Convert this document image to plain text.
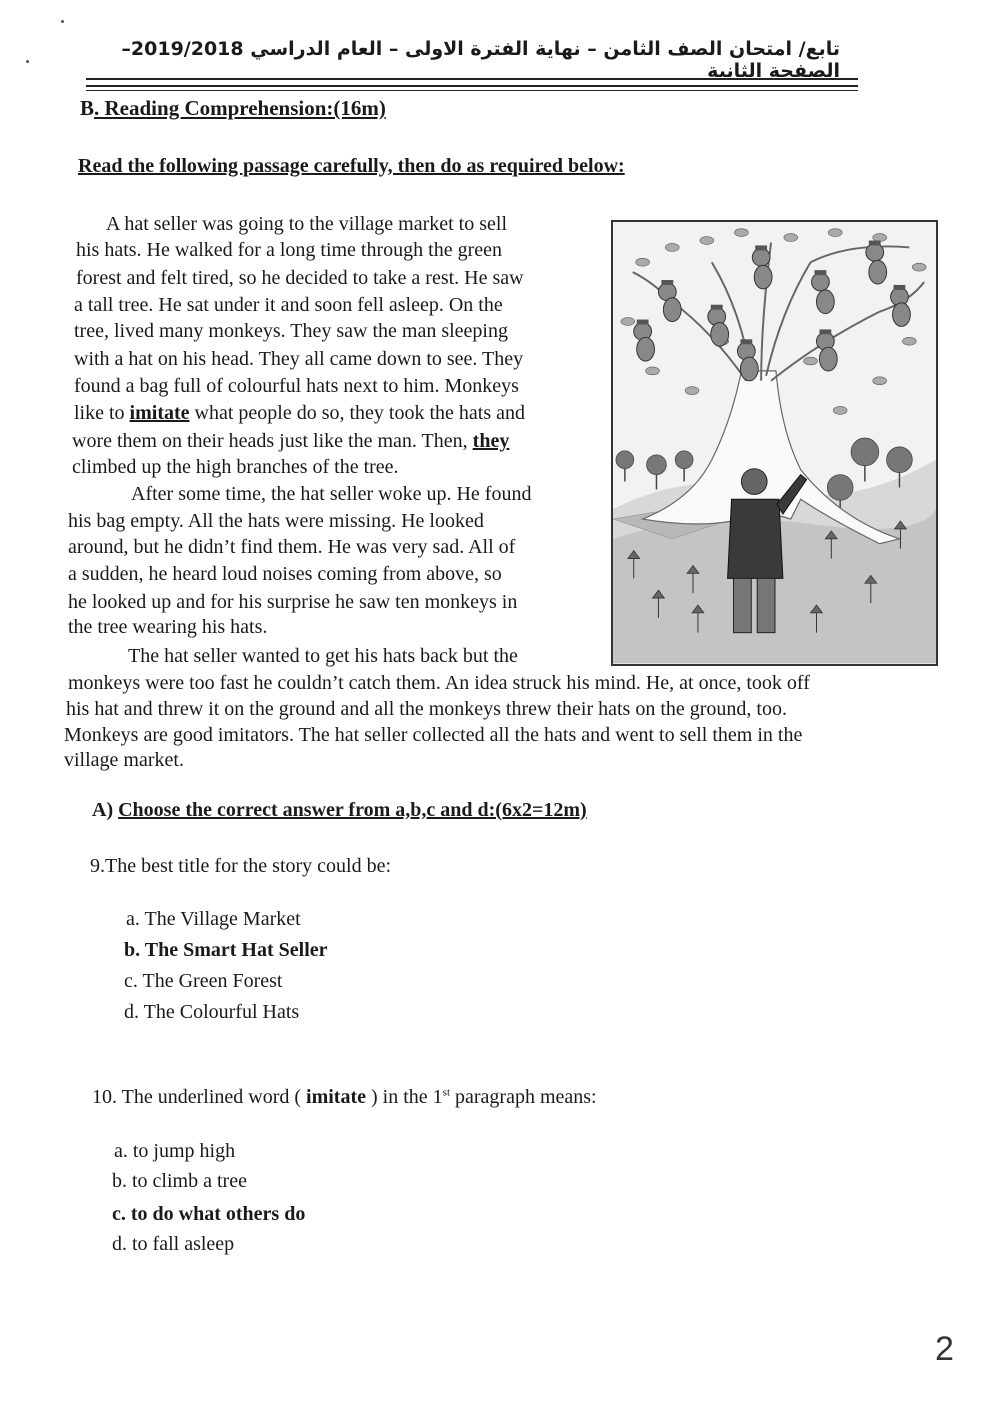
تابع/ امتحان الصف الثامن – نهاية الفترة الاولى – العام الدراسي 2019/2018– الصفحة الثانية
B. Reading Comprehension:(16m)
Read the following passage carefully, then do as required below:
A hat seller was going to the village market to sell
his hats. He walked for a long time through the green
forest and felt tired, so he decided to take a rest. He saw
a tall tree. He sat under it and soon fell asleep. On the
tree, lived many monkeys. They saw the man sleeping
with a hat on his head. They all came down to see. They
found a bag full of colourful hats next to him. Monkeys
like to imitate what people do so, they took the hats and
wore them on their heads just like the man. Then, they
climbed up the high branches of the tree.
After some time, the hat seller woke up. He found
his bag empty. All the hats were missing. He looked
around, but he didn’t find them. He was very sad. All of
a sudden, he heard loud noises coming from above, so
he looked up and for his surprise he saw ten monkeys in
the tree wearing his hats.
The hat seller wanted to get his hats back but the
monkeys were too fast he couldn’t catch them. An idea struck his mind. He, at once, took off
his hat and threw it on the ground and all the monkeys threw their hats on the ground, too.
Monkeys are good imitators. The hat seller collected all the hats and went to sell them in the
village market.
A) Choose the correct answer from a,b,c and d:(6x2=12m)
9.The best title for the story could be:
a. The Village Market
b. The Smart Hat Seller
c. The Green Forest
d. The Colourful Hats
10. The underlined word ( imitate ) in the 1st paragraph means:
a. to jump high
b. to climb a tree
c. to do what others do
d. to fall asleep
2
